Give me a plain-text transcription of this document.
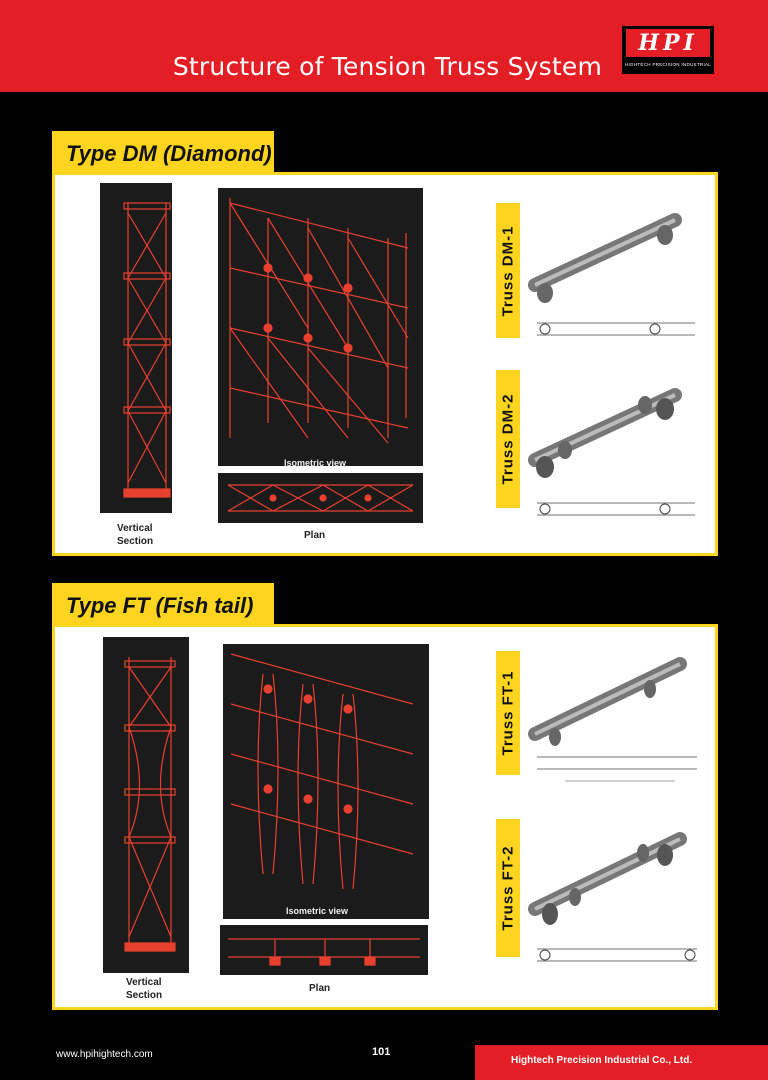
Structure of Tension Truss System
HPI
HIGHTECH PRECISION INDUSTRIAL
Type DM (Diamond)
Vertical
Section
Isometric view
Plan
Truss DM-1
Truss DM-2
Type FT (Fish tail)
Vertical
Section
Isometric view
Plan
Truss FT-1
Truss FT-2
www.hpihightech.com	101
Hightech Precision Industrial Co., Ltd.
